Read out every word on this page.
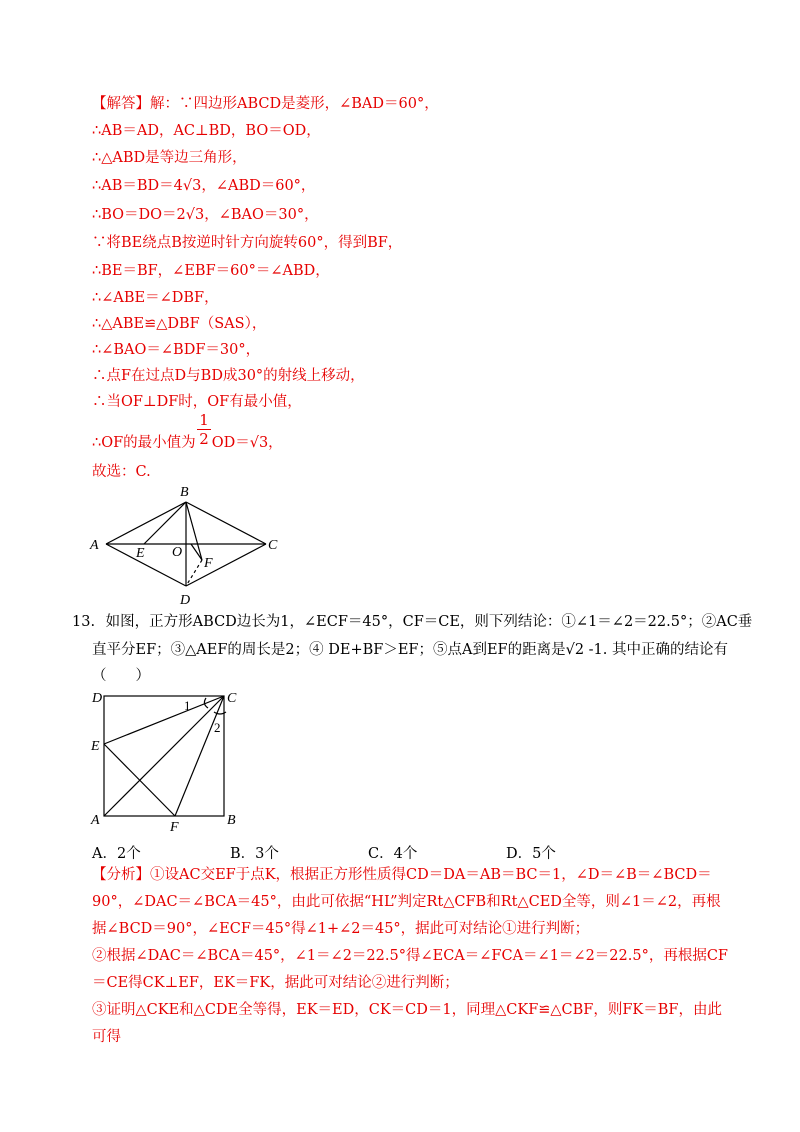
【解答】解：∵四边形ABCD是菱形，∠BAD＝60°，
∴AB＝AD，AC⊥BD，BO＝OD，
∴△ABD是等边三角形，
∴AB＝BD＝4√3，∠ABD＝60°，
∴BO＝DO＝2√3，∠BAO＝30°，
∵将BE绕点B按逆时针方向旋转60°，得到BF，
∴BE＝BF，∠EBF＝60°＝∠ABD，
∴∠ABE＝∠DBF，
∴△ABE≌△DBF（SAS），
∴∠BAO＝∠BDF＝30°，
∴点F在过点D与BD成30°的射线上移动，
∴当OF⊥DF时，OF有最小值，
∴OF的最小值为 OD＝√3，
1
2
故选：C.
B
A
E O	C
F
D
13. 如图，正方形ABCD边长为1，∠ECF＝45°，CF＝CE，则下列结论：①∠1＝∠2＝22.5°；②AC垂
直平分EF；③△AEF的周长是2；④ DE+BF＞EF；⑤点A到EF的距离是√2 -1. 其中正确的结论有
（　　）
D	C
1
2
E
A	F	B
A．2个	B．3个	C．4个	D．5个
【分析】①设AC交EF于点K，根据正方形性质得CD＝DA＝AB＝BC＝1，∠D＝∠B＝∠BCD＝90°，∠DAC＝∠BCA＝45°，由此可依据“HL”判定Rt△CFB和Rt△CED全等，则∠1＝∠2，再根据∠BCD＝90°，∠ECF＝45°得∠1+∠2＝45°，据此可对结论①进行判断；
②根据∠DAC＝∠BCA＝45°，∠1＝∠2＝22.5°得∠ECA＝∠FCA＝∠1＝∠2＝22.5°，再根据CF＝CE得CK⊥EF，EK＝FK，据此可对结论②进行判断；
③证明△CKE和△CDE全等得，EK＝ED，CK＝CD＝1，同理△CKF≌△CBF，则FK＝BF，由此可得
